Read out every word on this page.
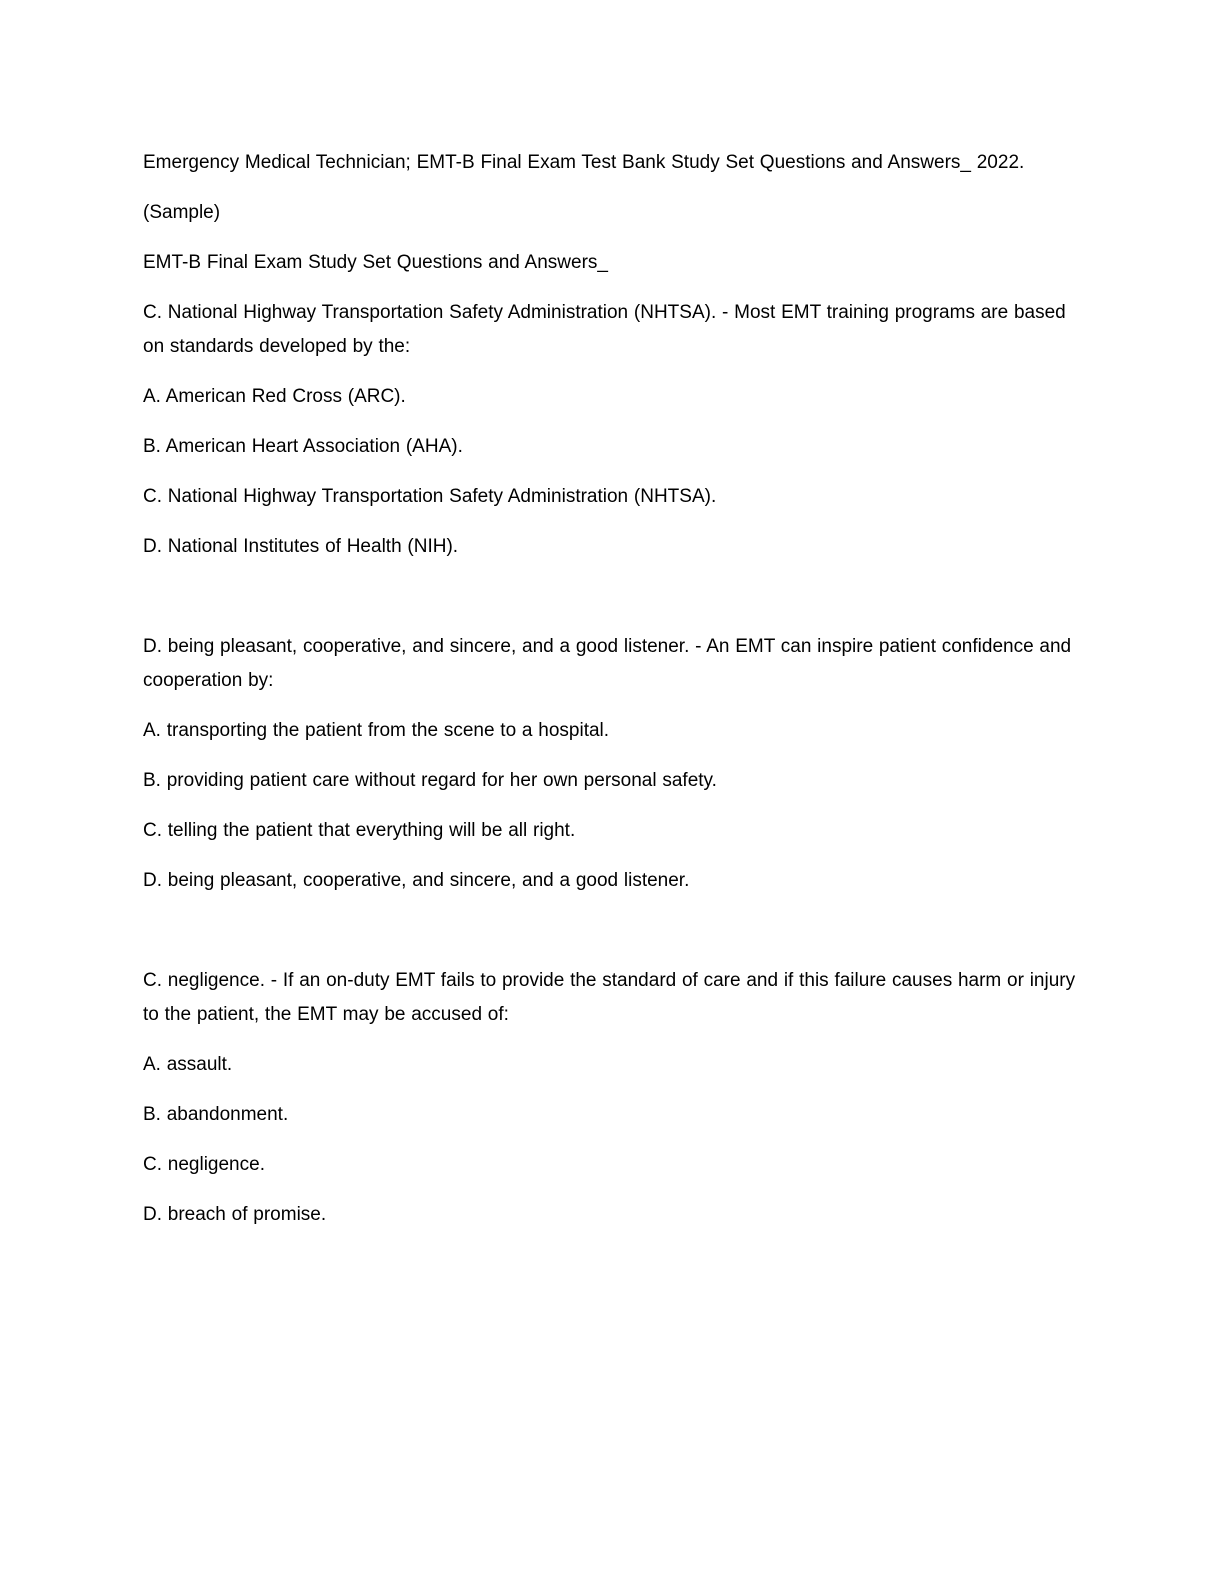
Emergency Medical Technician; EMT-B Final Exam Test Bank Study Set Questions and Answers_ 2022.

(Sample)

EMT-B Final Exam Study Set Questions and Answers_

C. National Highway Transportation Safety Administration (NHTSA). - Most EMT training programs are based on standards developed by the:

A. American Red Cross (ARC).

B. American Heart Association (AHA).

C. National Highway Transportation Safety Administration (NHTSA).

D. National Institutes of Health (NIH).

D. being pleasant, cooperative, and sincere, and a good listener. - An EMT can inspire patient confidence and cooperation by:

A. transporting the patient from the scene to a hospital.

B. providing patient care without regard for her own personal safety.

C. telling the patient that everything will be all right.

D. being pleasant, cooperative, and sincere, and a good listener.

C. negligence. - If an on-duty EMT fails to provide the standard of care and if this failure causes harm or injury to the patient, the EMT may be accused of:

A. assault.

B. abandonment.

C. negligence.

D. breach of promise.
